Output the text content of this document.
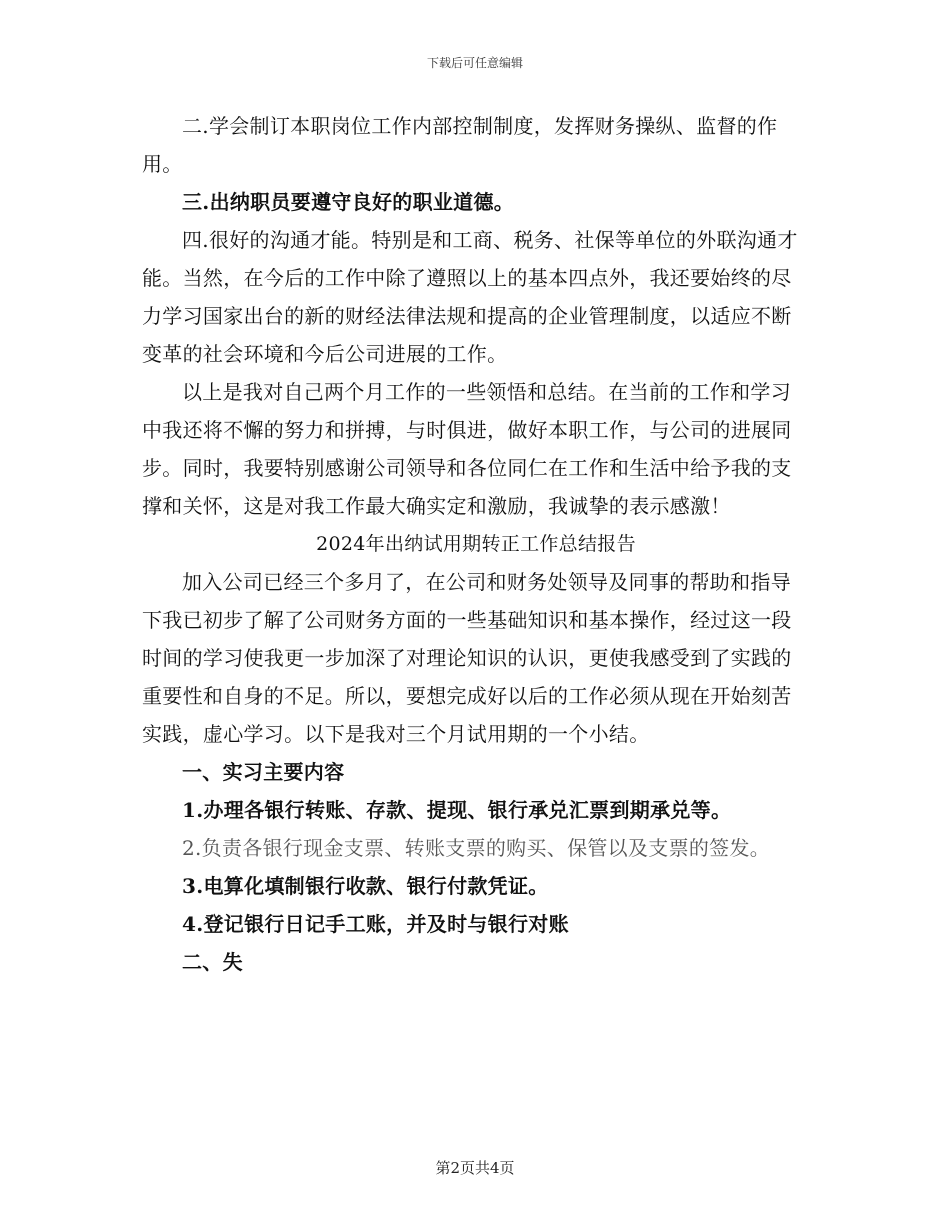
下载后可任意编辑

二.学会制订本职岗位工作内部控制制度，发挥财务操纵、监督的作用。

三.出纳职员要遵守良好的职业道德。

四.很好的沟通才能。特别是和工商、税务、社保等单位的外联沟通才能。当然，在今后的工作中除了遵照以上的基本四点外，我还要始终的尽力学习国家出台的新的财经法律法规和提高的企业管理制度，以适应不断变革的社会环境和今后公司进展的工作。

以上是我对自己两个月工作的一些领悟和总结。在当前的工作和学习中我还将不懈的努力和拼搏，与时俱进，做好本职工作，与公司的进展同步。同时，我要特别感谢公司领导和各位同仁在工作和生活中给予我的支撑和关怀，这是对我工作最大确实定和激励，我诚挚的表示感激！

2024年出纳试用期转正工作总结报告

加入公司已经三个多月了，在公司和财务处领导及同事的帮助和指导下我已初步了解了公司财务方面的一些基础知识和基本操作，经过这一段时间的学习使我更一步加深了对理论知识的认识，更使我感受到了实践的重要性和自身的不足。所以，要想完成好以后的工作必须从现在开始刻苦实践，虚心学习。以下是我对三个月试用期的一个小结。

一、实习主要内容

1.办理各银行转账、存款、提现、银行承兑汇票到期承兑等。

2.负责各银行现金支票、转账支票的购买、保管以及支票的签发。

3.电算化填制银行收款、银行付款凭证。

4.登记银行日记手工账，并及时与银行对账

二、失

第2页共4页
